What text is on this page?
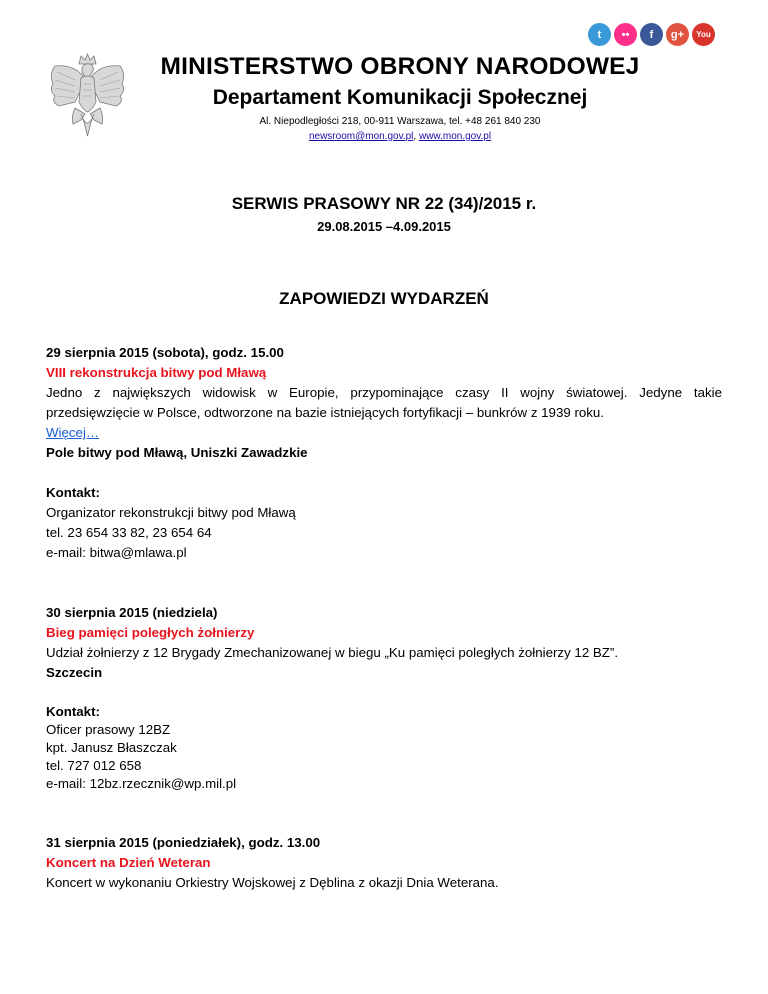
t	••	f	g+	You
MINISTERSTWO OBRONY NARODOWEJ
Departament Komunikacji Społecznej
Al. Niepodległości 218, 00-911 Warszawa, tel. +48 261 840 230
newsroom@mon.gov.pl, www.mon.gov.pl
SERWIS PRASOWY NR 22 (34)/2015 r.
29.08.2015 –4.09.2015
ZAPOWIEDZI WYDARZEŃ
29 sierpnia 2015 (sobota), godz. 15.00
VIII rekonstrukcja bitwy pod Mławą
Jedno z największych widowisk w Europie, przypominające czasy II wojny światowej. Jedyne takie przedsięwzięcie w Polsce, odtworzone na bazie istniejących fortyfikacji – bunkrów z 1939 roku.
Więcej…
Pole bitwy pod Mławą, Uniszki Zawadzkie
Kontakt:
Organizator rekonstrukcji bitwy pod Mławą
tel. 23 654 33 82, 23 654 64
e-mail: bitwa@mlawa.pl
30 sierpnia 2015 (niedziela)
Bieg pamięci poległych żołnierzy
Udział żołnierzy z 12 Brygady Zmechanizowanej w biegu „Ku pamięci poległych żołnierzy 12 BZ”.
Szczecin
Kontakt:
Oficer prasowy 12BZ
kpt. Janusz Błaszczak
tel. 727 012 658
e-mail: 12bz.rzecznik@wp.mil.pl
31 sierpnia 2015 (poniedziałek), godz. 13.00
Koncert na Dzień Weteran
Koncert w wykonaniu Orkiestry Wojskowej z Dęblina z okazji Dnia Weterana.
